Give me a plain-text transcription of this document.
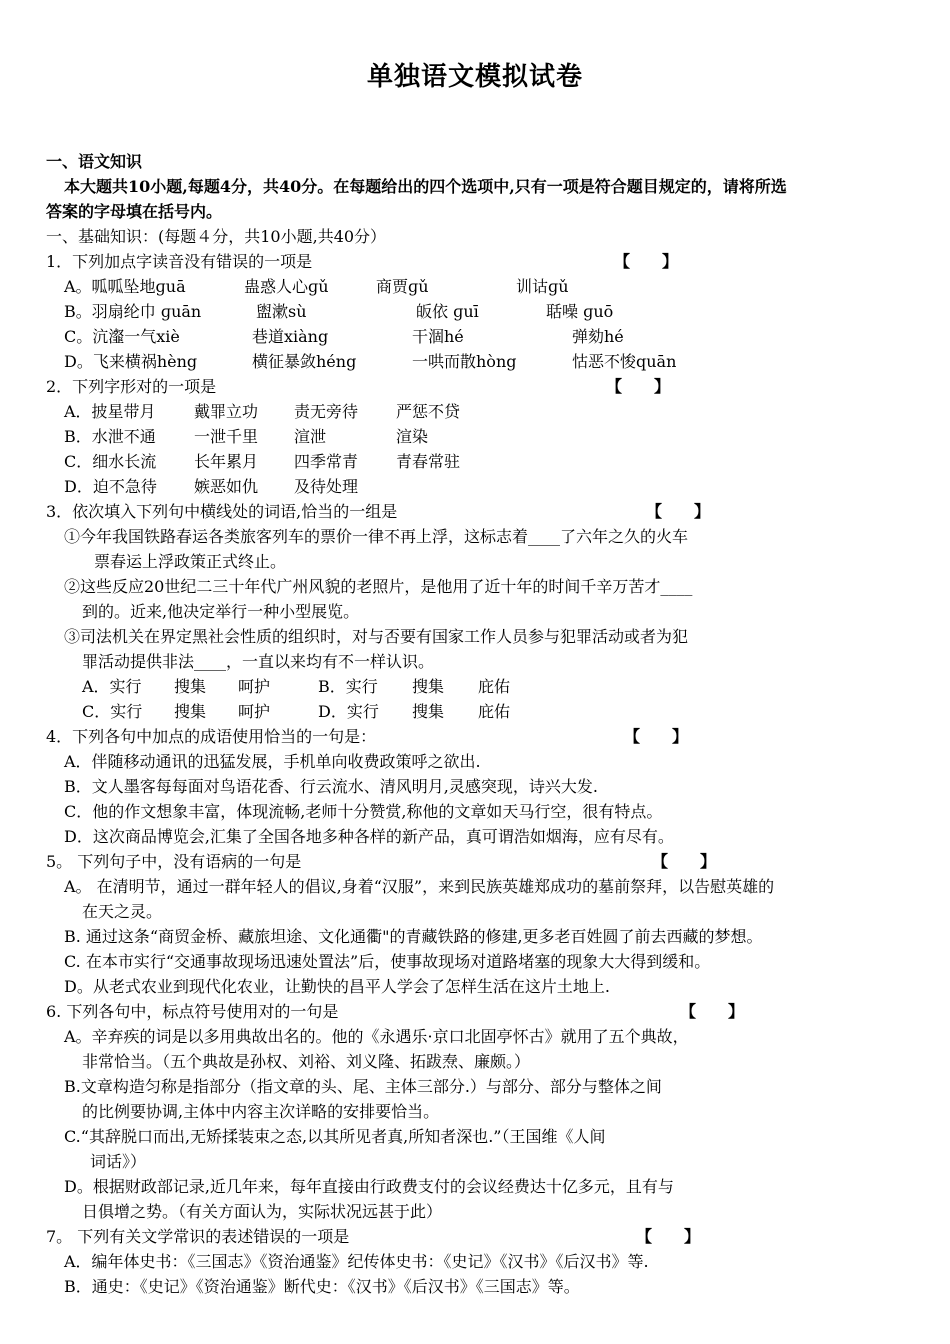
单独语文模拟试卷
一、语文知识
本大题共10小题,每题4分，共40分。在每题给出的四个选项中,只有一项是符合题目规定的，请将所选
答案的字母填在括号内。
一、基础知识：(每题４分，共10小题,共40分）
1．下列加点字读音没有错误的一项是	【　　】
A。呱呱坠地ɡuā	蛊惑人心ɡǔ	商贾ɡǔ	训诂ɡǔ
B。羽扇纶巾 ɡuān	盥漱sù	皈依 ɡuī	聒噪 ɡuō
C。沆瀣一气xiè	巷道xiàng	干涸hé	弹劾hé
D。飞来横祸hèng	横征暴敛héng	一哄而散hòng	怙恶不悛quān
2．下列字形对的一项是	【　　】
A．披星带月 戴罪立功 责无旁待 严惩不贷
B．水泄不通 一泄千里 渲泄	渲染
C．细水长流 长年累月 四季常青 青春常驻
D．迫不急待 嫉恶如仇 及待处理
3．依次填入下列句中横线处的词语,恰当的一组是	【　　】
①今年我国铁路春运各类旅客列车的票价一律不再上浮，这标志着____了六年之久的火车
票春运上浮政策正式终止。
②这些反应20世纪二三十年代广州风貌的老照片，是他用了近十年的时间千辛万苦才____
到的。近来,他决定举行一种小型展览。
③司法机关在界定黑社会性质的组织时，对与否要有国家工作人员参与犯罪活动或者为犯
罪活动提供非法____，一直以来均有不一样认识。
A．实行 搜集 呵护	B．实行 搜集 庇佑
C．实行 搜集 呵护	D．实行 搜集 庇佑
4．下列各句中加点的成语使用恰当的一句是：	【　　】
A．伴随移动通讯的迅猛发展，手机单向收费政策呼之欲出.
B．文人墨客每每面对鸟语花香、行云流水、清风明月,灵感突现，诗兴大发.
C．他的作文想象丰富，体现流畅,老师十分赞赏,称他的文章如天马行空，很有特点。
D．这次商品博览会,汇集了全国各地多种各样的新产品，真可谓浩如烟海，应有尽有。
5。 下列句子中，没有语病的一句是	【　　】
A。 在清明节，通过一群年轻人的倡议,身着“汉服”，来到民族英雄郑成功的墓前祭拜，以告慰英雄的
在天之灵。
B. 通过这条“商贸金桥、藏旅坦途、文化通衢"的青藏铁路的修建,更多老百姓圆了前去西藏的梦想。
C. 在本市实行“交通事故现场迅速处置法”后，使事故现场对道路堵塞的现象大大得到缓和。
D。从老式农业到现代化农业，让勤快的昌平人学会了怎样生活在这片土地上.
6. 下列各句中，标点符号使用对的一句是	【　　】
A。辛弃疾的词是以多用典故出名的。他的《永遇乐·京口北固亭怀古》就用了五个典故，
非常恰当。（五个典故是孙权、刘裕、刘义隆、拓跋焘、廉颇。）
B.文章构造匀称是指部分（指文章的头、尾、主体三部分.）与部分、部分与整体之间
的比例要协调,主体中内容主次详略的安排要恰当。
C.“其辞脱口而出,无矫揉装束之态,以其所见者真,所知者深也.”（王国维《人间
词话》）
D。根据财政部记录,近几年来，每年直接由行政费支付的会议经费达十亿多元，且有与
日俱增之势。（有关方面认为，实际状况远甚于此）
7。 下列有关文学常识的表述错误的一项是	【　　】
A．编年体史书：《三国志》《资治通鉴》纪传体史书：《史记》《汉书》《后汉书》等.
B．通史：《史记》《资治通鉴》断代史：《汉书》《后汉书》《三国志》等。
